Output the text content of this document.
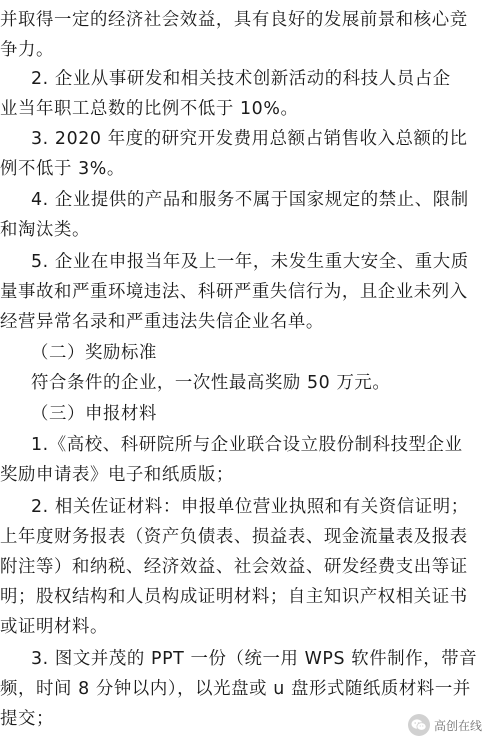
并取得一定的经济社会效益，具有良好的发展前景和核心竞
争力。
2. 企业从事研发和相关技术创新活动的科技人员占企
业当年职工总数的比例不低于 10%。
3. 2020 年度的研究开发费用总额占销售收入总额的比
例不低于 3%。
4. 企业提供的产品和服务不属于国家规定的禁止、限制
和淘汰类。
5. 企业在申报当年及上一年，未发生重大安全、重大质
量事故和严重环境违法、科研严重失信行为，且企业未列入
经营异常名录和严重违法失信企业名单。
（二）奖励标准
符合条件的企业，一次性最高奖励 50 万元。
（三）申报材料
1.《高校、科研院所与企业联合设立股份制科技型企业
奖励申请表》电子和纸质版；
2. 相关佐证材料：申报单位营业执照和有关资信证明；
上年度财务报表（资产负债表、损益表、现金流量表及报表
附注等）和纳税、经济效益、社会效益、研发经费支出等证
明；股权结构和人员构成证明材料；自主知识产权相关证书
或证明材料。
3. 图文并茂的 PPT 一份（统一用 WPS 软件制作，带音
频，时间 8 分钟以内），以光盘或 u 盘形式随纸质材料一并
提交；	高创在线
